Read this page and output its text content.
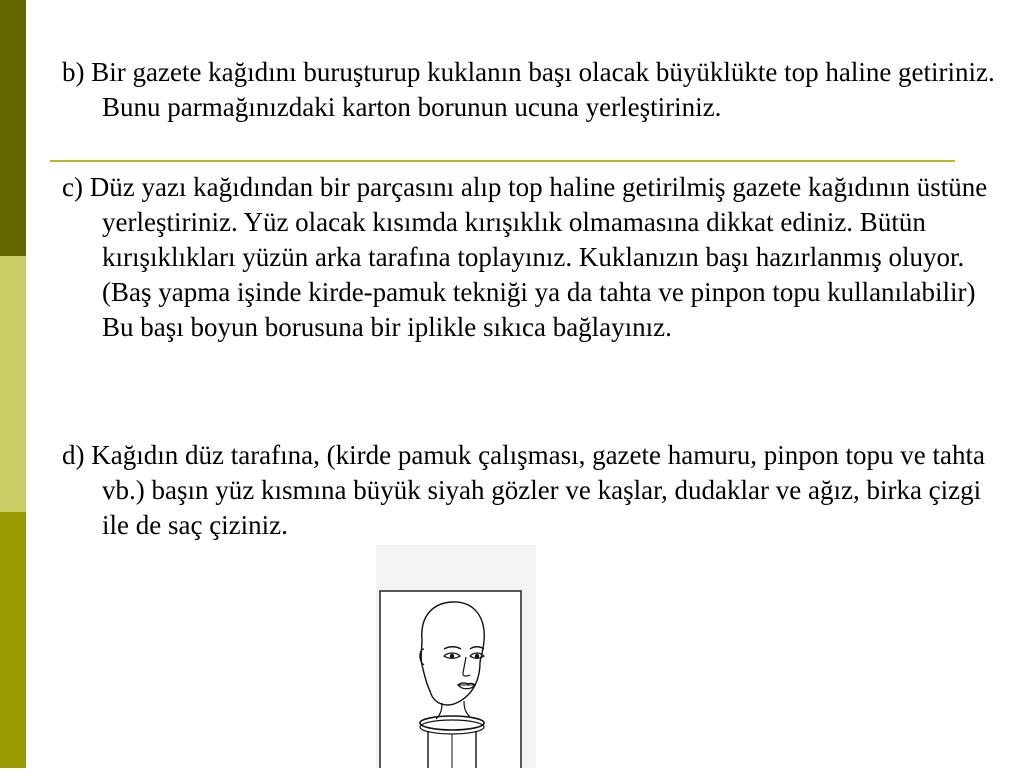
b) Bir gazete kağıdını buruşturup kuklanın başı olacak büyüklükte top haline getiriniz. Bunu parmağınızdaki karton borunun ucuna yerleştiriniz.

c) Düz yazı kağıdından bir parçasını alıp top haline getirilmiş gazete kağıdının üstüne yerleştiriniz. Yüz olacak kısımda kırışıklık olmamasına dikkat ediniz. Bütün kırışıklıkları yüzün arka tarafına toplayınız. Kuklanızın başı hazırlanmış oluyor. (Baş yapma işinde kirde-pamuk tekniği ya da tahta ve pinpon topu kullanılabilir) Bu başı boyun borusuna bir iplikle sıkıca bağlayınız.

d) Kağıdın düz tarafına, (kirde pamuk çalışması, gazete hamuru, pinpon topu ve tahta vb.) başın yüz kısmına büyük siyah gözler ve kaşlar, dudaklar ve ağız, birka çizgi ile de saç çiziniz.
